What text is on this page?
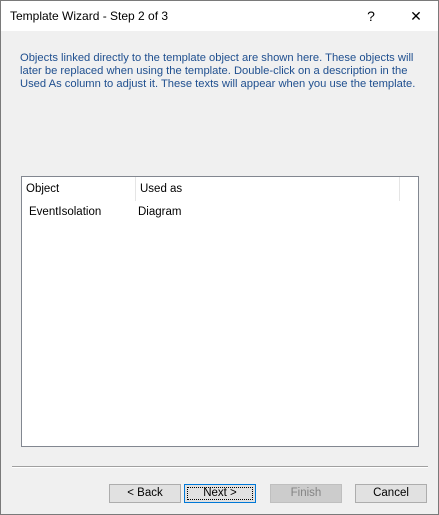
Template Wizard - Step 2 of 3	?	✕
Objects linked directly to the template object are shown here. These objects will later be replaced when using the template. Double-click on a description in the Used As column to adjust it. These texts will appear when you use the template.
Object	Used as
EventIsolation	Diagram
< Back	Next >	Finish	Cancel
